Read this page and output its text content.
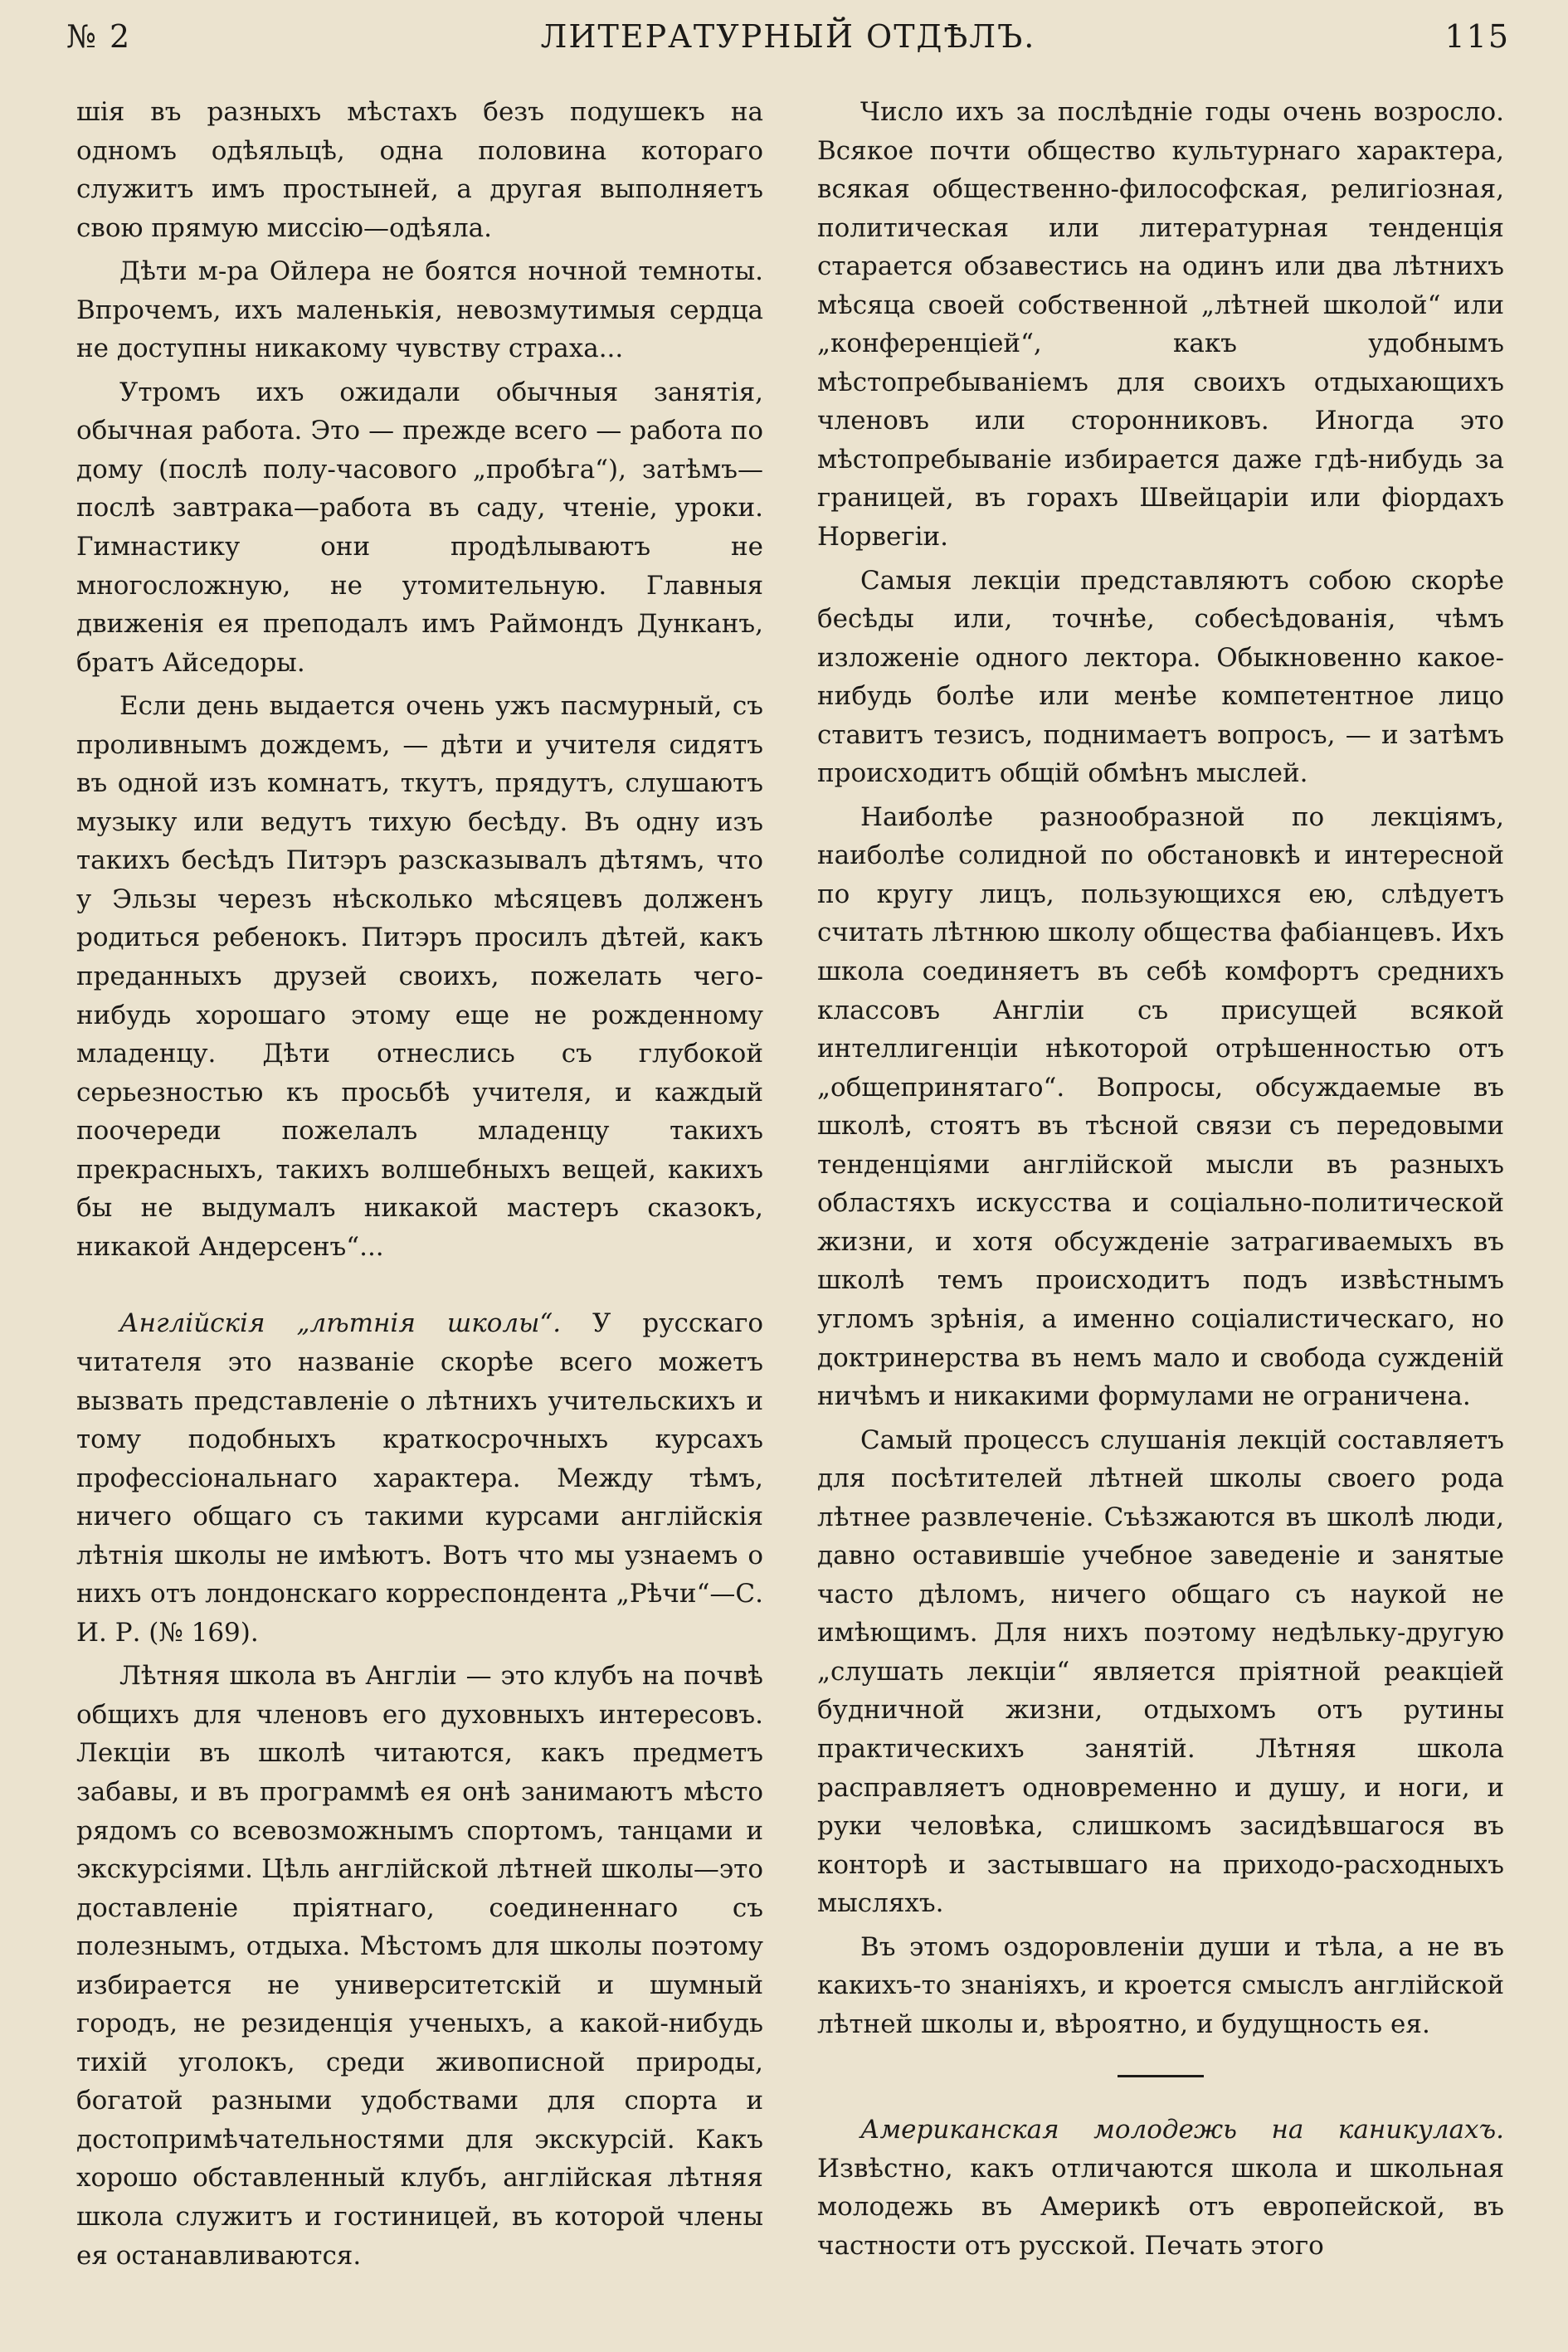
№ 2	ЛИТЕРАТУРНЫЙ ОТДѢЛЪ.	115

шія въ разныхъ мѣстахъ безъ подушекъ на одномъ одѣяльцѣ, одна половина котораго служитъ имъ простыней, а другая выполняетъ свою прямую миссію—одѣяла.

Дѣти м-ра Ойлера не боятся ночной темноты. Впрочемъ, ихъ маленькія, невозмутимыя сердца не доступны никакому чувству страха...

Утромъ ихъ ожидали обычныя занятія, обычная работа. Это — прежде всего — работа по дому (послѣ полу-часового „пробѣга“), затѣмъ—послѣ завтрака—работа въ саду, чтеніе, уроки. Гимнастику они продѣлываютъ не многосложную, не утомительную. Главныя движенія ея преподалъ имъ Раймондъ Дунканъ, братъ Айседоры.

Если день выдается очень ужъ пасмурный, съ проливнымъ дождемъ, — дѣти и учителя сидятъ въ одной изъ комнатъ, ткутъ, прядутъ, слушаютъ музыку или ведутъ тихую бесѣду. Въ одну изъ такихъ бесѣдъ Питэръ разсказывалъ дѣтямъ, что у Эльзы черезъ нѣсколько мѣсяцевъ долженъ родиться ребенокъ. Питэръ просилъ дѣтей, какъ преданныхъ друзей своихъ, пожелать чего-нибудь хорошаго этому еще не рожденному младенцу. Дѣти отнеслись съ глубокой серьезностью къ просьбѣ учителя, и каждый поочереди пожелалъ младенцу такихъ прекрасныхъ, такихъ волшебныхъ вещей, какихъ бы не выдумалъ никакой мастеръ сказокъ, никакой Андерсенъ“...

Англійскія „лѣтнія школы“. У русскаго читателя это названіе скорѣе всего можетъ вызвать представленіе о лѣтнихъ учительскихъ и тому подобныхъ краткосрочныхъ курсахъ профессіональнаго характера. Между тѣмъ, ничего общаго съ такими курсами англійскія лѣтнія школы не имѣютъ. Вотъ что мы узнаемъ о нихъ отъ лондонскаго корреспондента „Рѣчи“—С. И. Р. (№ 169).

Лѣтняя школа въ Англіи — это клубъ на почвѣ общихъ для членовъ его духовныхъ интересовъ. Лекціи въ школѣ читаются, какъ предметъ забавы, и въ программѣ ея онѣ занимаютъ мѣсто рядомъ со всевозможнымъ спортомъ, танцами и экскурсіями. Цѣль англійской лѣтней школы—это доставленіе пріятнаго, соединеннаго съ полезнымъ, отдыха. Мѣстомъ для школы поэтому избирается не университетскій и шумный городъ, не резиденція ученыхъ, а какой-нибудь тихій уголокъ, среди живописной природы, богатой разными удобствами для спорта и достопримѣчательностями для экскурсій. Какъ хорошо обставленный клубъ, англійская лѣтняя школа служитъ и гостиницей, въ которой члены ея останавливаются.

Число ихъ за послѣдніе годы очень возросло. Всякое почти общество культурнаго характера, всякая общественно-философская, религіозная, политическая или литературная тенденція старается обзавестись на одинъ или два лѣтнихъ мѣсяца своей собственной „лѣтней школой“ или „конференціей“, какъ удобнымъ мѣстопребываніемъ для своихъ отдыхающихъ членовъ или сторонниковъ. Иногда это мѣстопребываніе избирается даже гдѣ-нибудь за границей, въ горахъ Швейцаріи или фіордахъ Норвегіи.

Самыя лекціи представляютъ собою скорѣе бесѣды или, точнѣе, собесѣдованія, чѣмъ изложеніе одного лектора. Обыкновенно какое-нибудь болѣе или менѣе компетентное лицо ставитъ тезисъ, поднимаетъ вопросъ, — и затѣмъ происходитъ общій обмѣнъ мыслей.

Наиболѣе разнообразной по лекціямъ, наиболѣе солидной по обстановкѣ и интересной по кругу лицъ, пользующихся ею, слѣдуетъ считать лѣтнюю школу общества фабіанцевъ. Ихъ школа соединяетъ въ себѣ комфортъ среднихъ классовъ Англіи съ присущей всякой интеллигенціи нѣкоторой отрѣшенностью отъ „общепринятаго“. Вопросы, обсуждаемые въ школѣ, стоятъ въ тѣсной связи съ передовыми тенденціями англійской мысли въ разныхъ областяхъ искусства и соціально-политической жизни, и хотя обсужденіе затрагиваемыхъ въ школѣ темъ происходитъ подъ извѣстнымъ угломъ зрѣнія, а именно соціалистическаго, но доктринерства въ немъ мало и свобода сужденій ничѣмъ и никакими формулами не ограничена.

Самый процессъ слушанія лекцій составляетъ для посѣтителей лѣтней школы своего рода лѣтнее развлеченіе. Съѣзжаются въ школѣ люди, давно оставившіе учебное заведеніе и занятые часто дѣломъ, ничего общаго съ наукой не имѣющимъ. Для нихъ поэтому недѣльку-другую „слушать лекціи“ является пріятной реакціей будничной жизни, отдыхомъ отъ рутины практическихъ занятій. Лѣтняя школа расправляетъ одновременно и душу, и ноги, и руки человѣка, слишкомъ засидѣвшагося въ конторѣ и застывшаго на приходо-расходныхъ мысляхъ.

Въ этомъ оздоровленіи души и тѣла, а не въ какихъ-то знаніяхъ, и кроется смыслъ англійской лѣтней школы и, вѣроятно, и будущность ея.

Американская молодежь на каникулахъ. Извѣстно, какъ отличаются школа и школьная молодежь въ Америкѣ отъ европейской, въ частности отъ русской. Печать этого
